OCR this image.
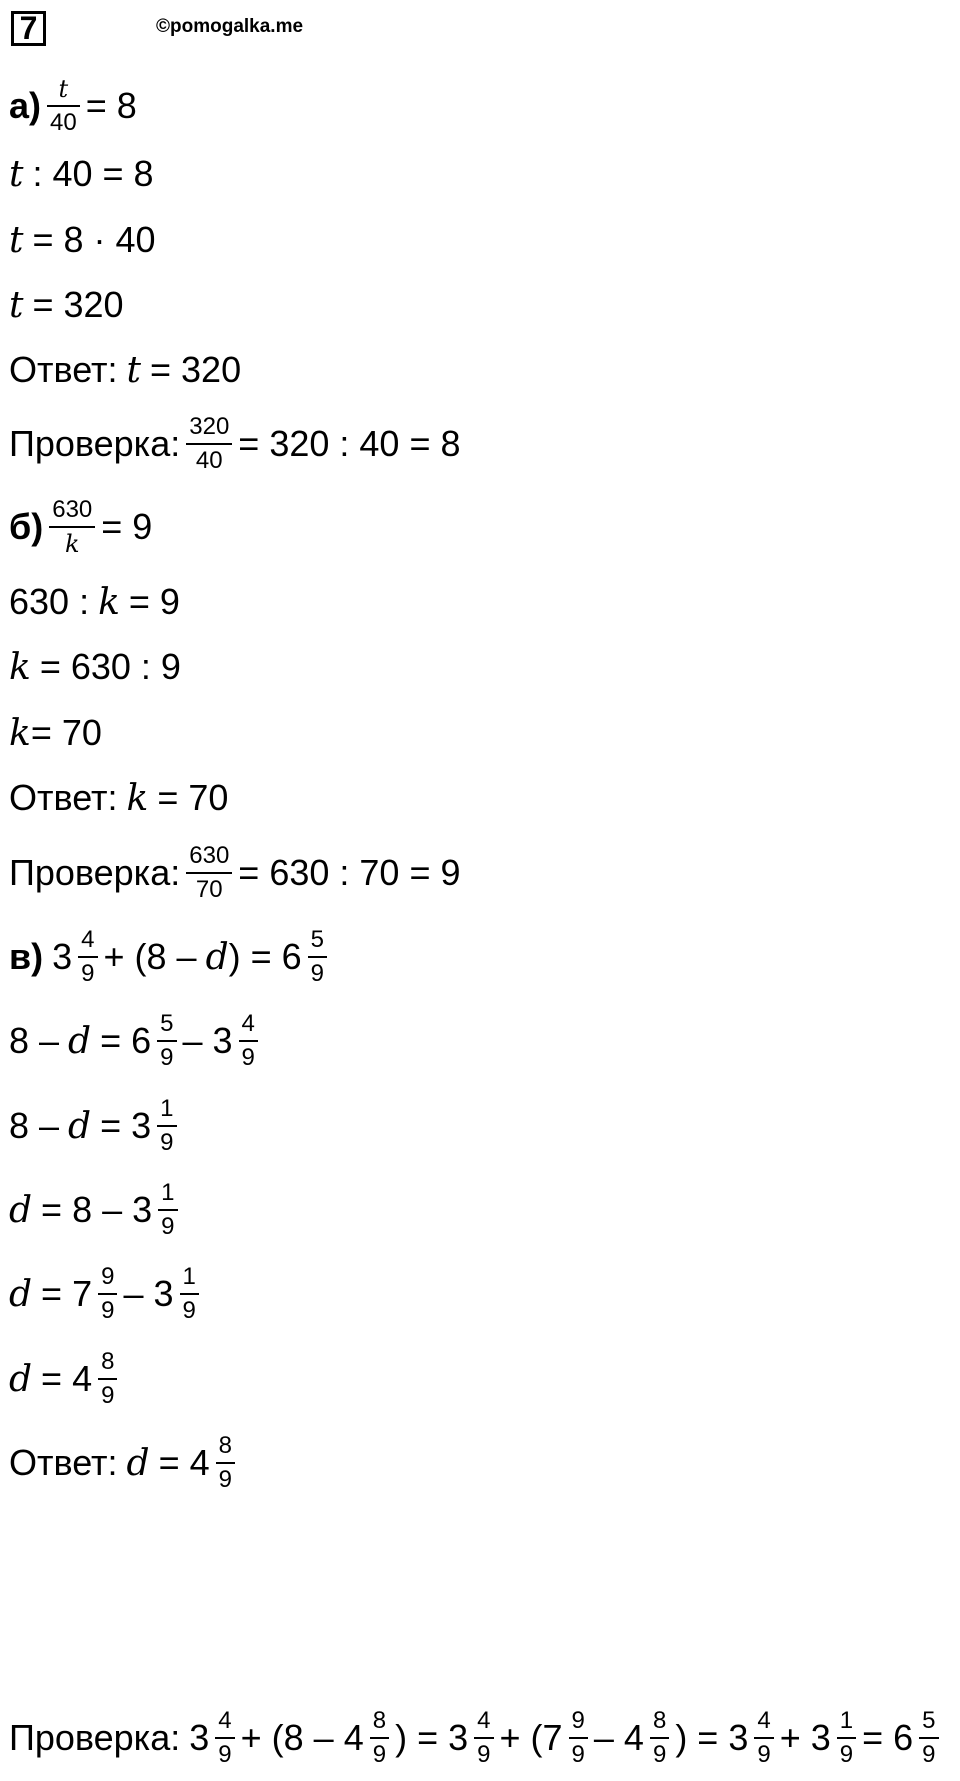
7	©pomogalka.me
$а) \frac{t}{40} = 8$
t : 40 = 8
t = 8 · 40
t = 320
Ответ: t = 320
Проверка: $\frac{320}{40} = 320$ : 40 = 8
$б) \frac{630}{k} = 9$
630 : k = 9
k = 630 : 9
k = 70
Ответ: k = 70
Проверка: $\frac{630}{70} = 630$ : 70 = 9
в) $3 \frac{4}{9} + (8 - d$ ) = $6 \frac{5}{9}$
$8 - d = 6 \frac{5}{9} - 3 \frac{4}{9}$
$8 - d = 3 \frac{1}{9}$
$d = 8 - 3 \frac{1}{9}$
$d = 7 \frac{9}{9} - 3 \frac{1}{9}$
$d = 4 \frac{8}{9}$
Ответ: $d = 4 \frac{8}{9}$
Проверка: $3 \frac{4}{9} + (8 - 4 \frac{8}{9}$ ) = $3 \frac{4}{9} + (7 \frac{9}{9} - 4 \frac{8}{9}$ ) = $3 \frac{4}{9} + 3 \frac{1}{9} = 6 \frac{5}{9}$
